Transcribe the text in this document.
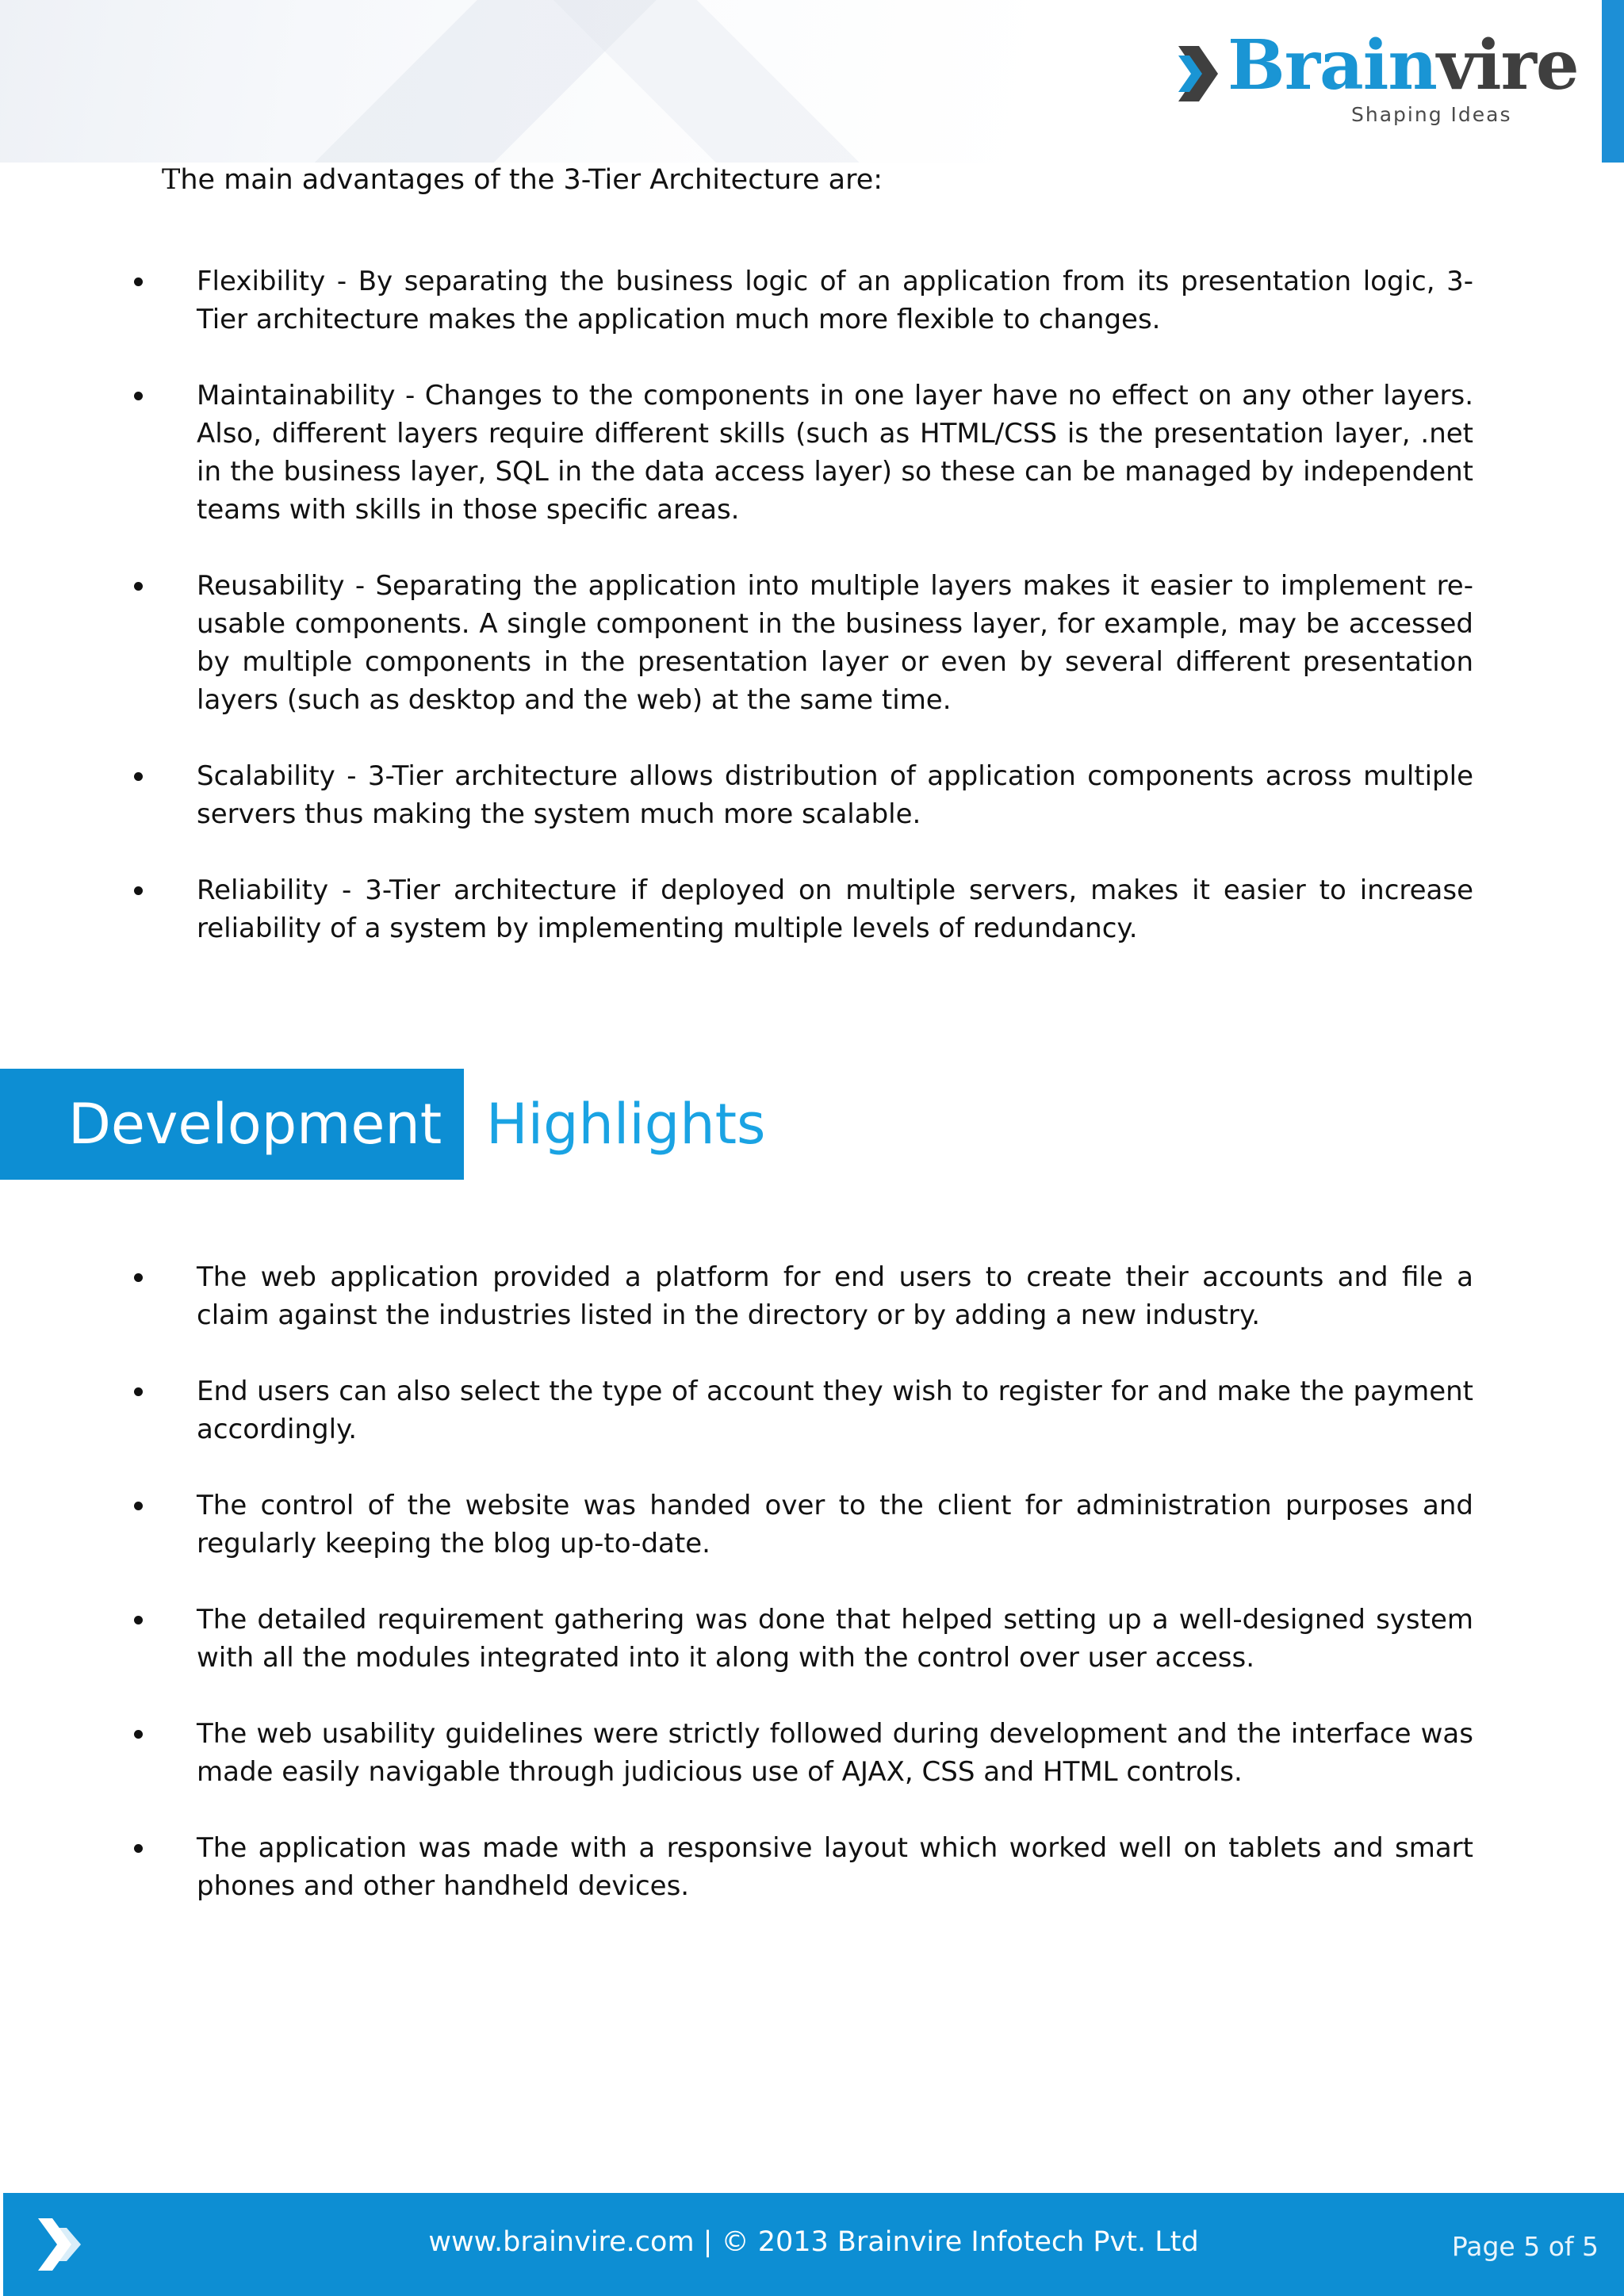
Brainvire
Shaping Ideas
The main advantages of the 3-Tier Architecture are:
Flexibility - By separating the business logic of an application from its presentation logic, 3-Tier architecture makes the application much more flexible to changes.
Maintainability - Changes to the components in one layer have no effect on any other layers. Also, different layers require different skills (such as HTML/CSS is the presentation layer, .net in the business layer, SQL in the data access layer) so these can be managed by independent teams with skills in those specific areas.
Reusability - Separating the application into multiple layers makes it easier to implement re-usable components. A single component in the business layer, for example, may be accessed by multiple components in the presentation layer or even by several different presentation layers (such as desktop and the web) at the same time.
Scalability - 3-Tier architecture allows distribution of application components across multiple servers thus making the system much more scalable.
Reliability - 3-Tier architecture if deployed on multiple servers, makes it easier to increase reliability of a system by implementing multiple levels of redundancy.
Development Highlights
The web application provided a platform for end users to create their accounts and file a claim against the industries listed in the directory or by adding a new industry.
End users can also select the type of account they wish to register for and make the payment accordingly.
The control of the website was handed over to the client for administration purposes and regularly keeping the blog up-to-date.
The detailed requirement gathering was done that helped setting up a well-designed system with all the modules integrated into it along with the control over user access.
The web usability guidelines were strictly followed during development and the interface was made easily navigable through judicious use of AJAX, CSS and HTML controls.
The application was made with a responsive layout which worked well on tablets and smart phones and other handheld devices.
www.brainvire.com | © 2013 Brainvire Infotech Pvt. Ltd	Page 5 of 5
